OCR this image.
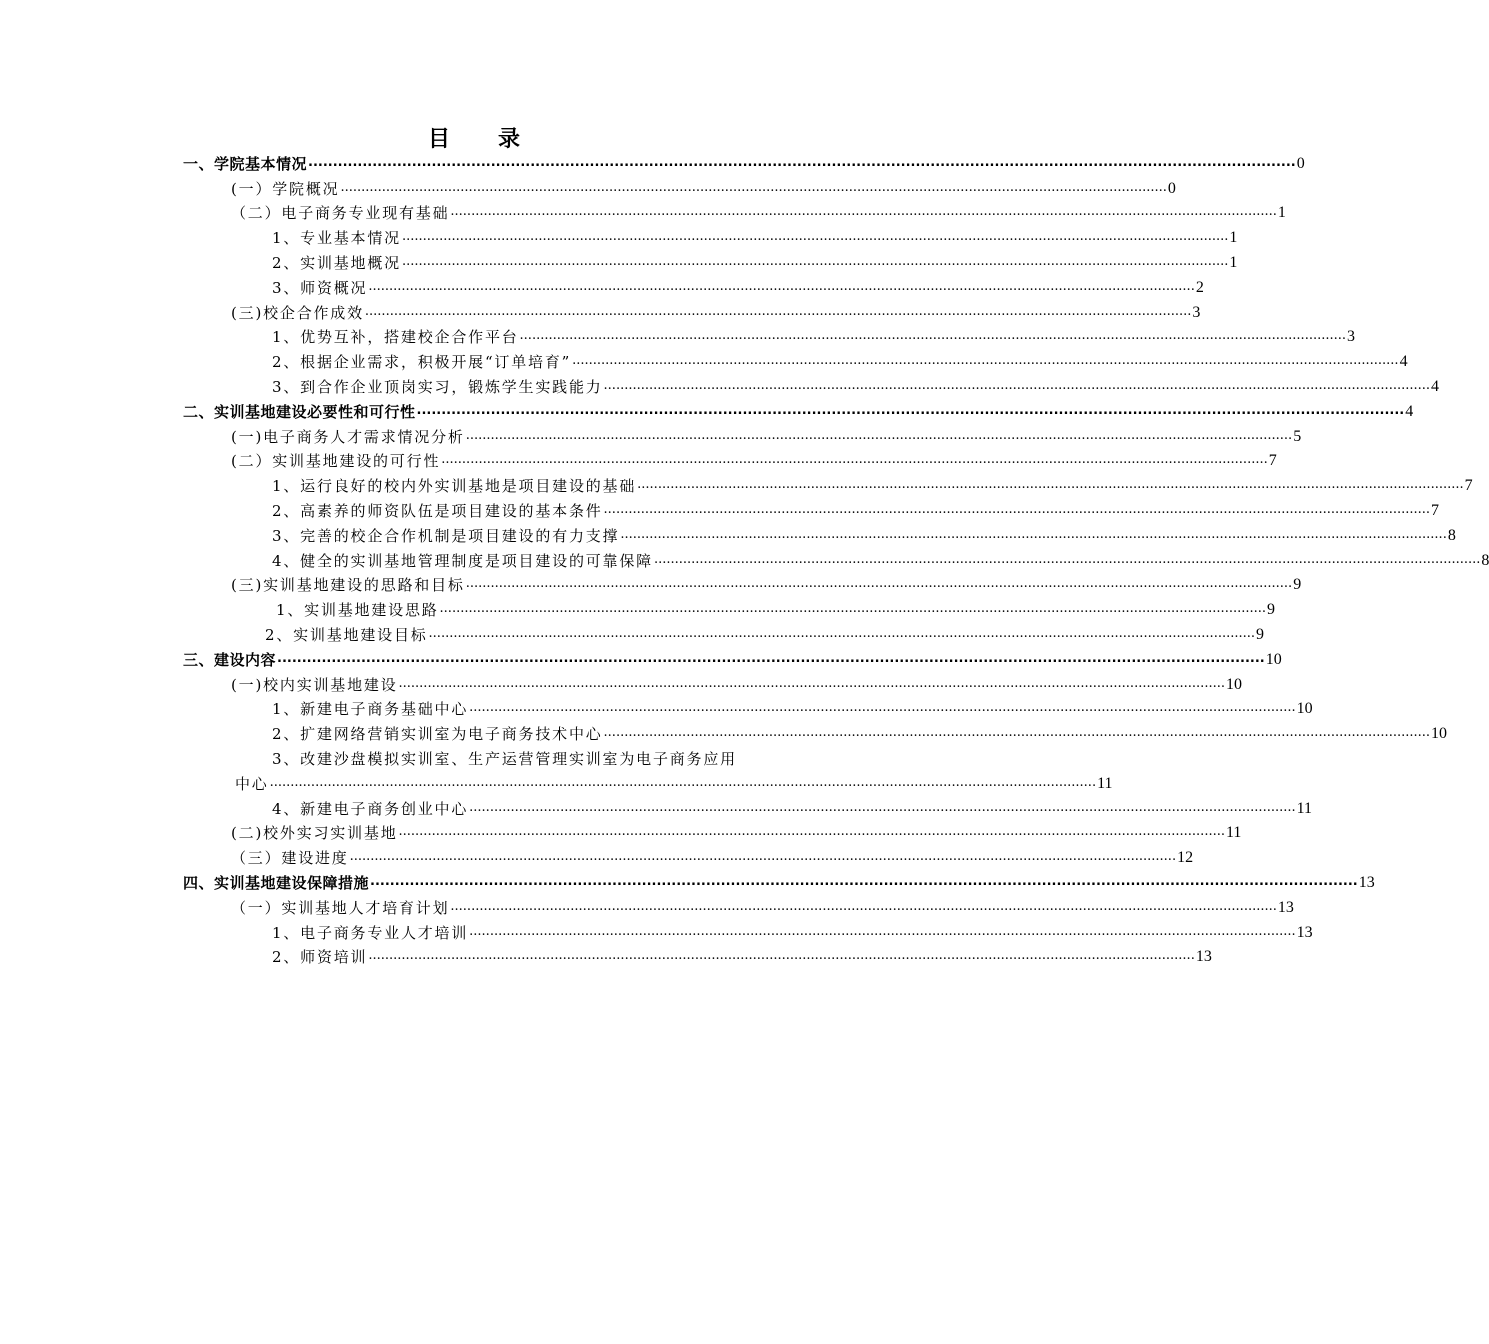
目 录
一、学院基本情况 ........................................................................................................................................................................................................ 0
(一）学院概况 ........................................................................................................................................................................................................ 0
（二）电子商务专业现有基础 ........................................................................................................................................................................................................ 1
1、专业基本情况 ........................................................................................................................................................................................................ 1
2、实训基地概况 ........................................................................................................................................................................................................ 1
3、师资概况 ........................................................................................................................................................................................................ 2
(三)校企合作成效 ........................................................................................................................................................................................................ 3
1、优势互补，搭建校企合作平台 ........................................................................................................................................................................................................ 3
2、根据企业需求，积极开展“订单培育” ........................................................................................................................................................................................................ 4
3、到合作企业顶岗实习，锻炼学生实践能力 ........................................................................................................................................................................................................ 4
二、实训基地建设必要性和可行性 ........................................................................................................................................................................................................ 4
(一)电子商务人才需求情况分析 ........................................................................................................................................................................................................ 5
(二）实训基地建设的可行性 ........................................................................................................................................................................................................ 7
1、运行良好的校内外实训基地是项目建设的基础 ........................................................................................................................................................................................................ 7
2、高素养的师资队伍是项目建设的基本条件 ........................................................................................................................................................................................................ 7
3、完善的校企合作机制是项目建设的有力支撑 ........................................................................................................................................................................................................ 8
4、健全的实训基地管理制度是项目建设的可靠保障 ........................................................................................................................................................................................................ 8
(三)实训基地建设的思路和目标 ........................................................................................................................................................................................................ 9
1、实训基地建设思路 ........................................................................................................................................................................................................ 9
2、实训基地建设目标 ........................................................................................................................................................................................................ 9
三、建设内容 ........................................................................................................................................................................................................ 10
(一)校内实训基地建设 ........................................................................................................................................................................................................ 10
1、新建电子商务基础中心 ........................................................................................................................................................................................................ 10
2、扩建网络营销实训室为电子商务技术中心 ........................................................................................................................................................................................................ 10
3、改建沙盘模拟实训室、生产运营管理实训室为电子商务应用
中心 ........................................................................................................................................................................................................ 11
4、新建电子商务创业中心 ........................................................................................................................................................................................................ 11
(二)校外实习实训基地 ........................................................................................................................................................................................................ 11
（三）建设进度 ........................................................................................................................................................................................................ 12
四、实训基地建设保障措施 ........................................................................................................................................................................................................ 13
（一）实训基地人才培育计划 ........................................................................................................................................................................................................ 13
1、电子商务专业人才培训 ........................................................................................................................................................................................................ 13
2、师资培训 ........................................................................................................................................................................................................ 13
